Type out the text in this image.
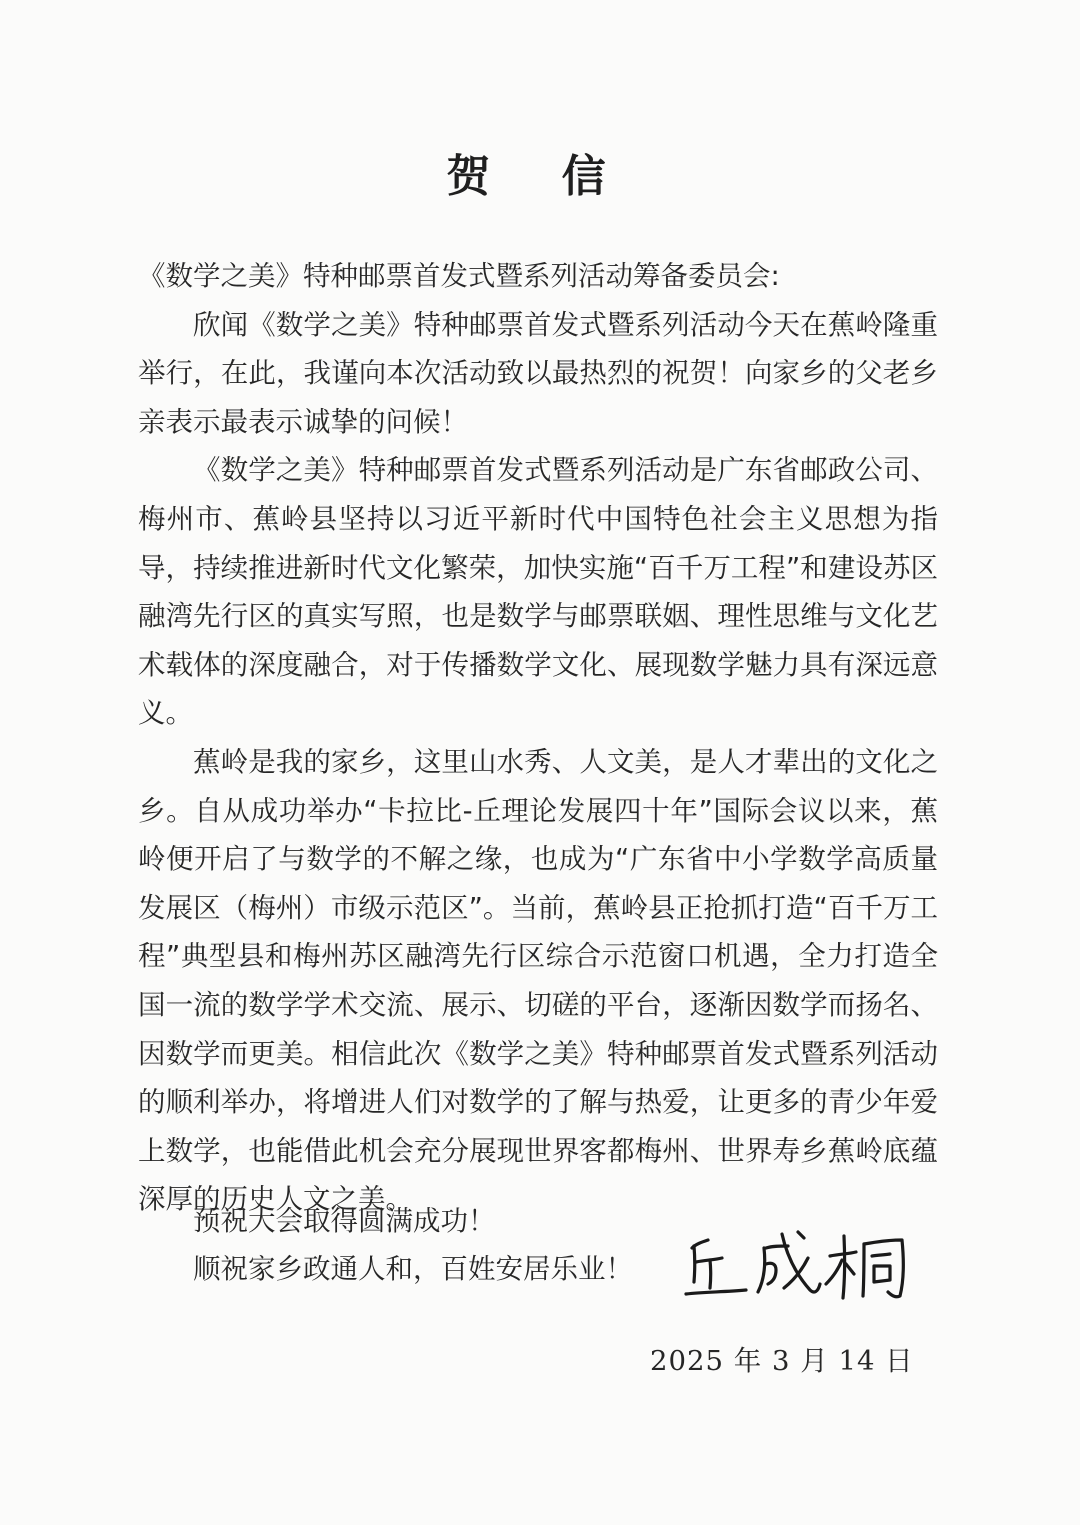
贺 信

《数学之美》特种邮票首发式暨系列活动筹备委员会:

欣闻《数学之美》特种邮票首发式暨系列活动今天在蕉岭隆重举行，在此，我谨向本次活动致以最热烈的祝贺！向家乡的父老乡亲表示最表示诚挚的问候！

《数学之美》特种邮票首发式暨系列活动是广东省邮政公司、梅州市、蕉岭县坚持以习近平新时代中国特色社会主义思想为指导，持续推进新时代文化繁荣，加快实施“百千万工程”和建设苏区融湾先行区的真实写照，也是数学与邮票联姻、理性思维与文化艺术载体的深度融合，对于传播数学文化、展现数学魅力具有深远意义。

蕉岭是我的家乡，这里山水秀、人文美，是人才辈出的文化之乡。自从成功举办“卡拉比-丘理论发展四十年”国际会议以来，蕉岭便开启了与数学的不解之缘，也成为“广东省中小学数学高质量发展区（梅州）市级示范区”。当前，蕉岭县正抢抓打造“百千万工程”典型县和梅州苏区融湾先行区综合示范窗口机遇，全力打造全国一流的数学学术交流、展示、切磋的平台，逐渐因数学而扬名、因数学而更美。相信此次《数学之美》特种邮票首发式暨系列活动的顺利举办，将增进人们对数学的了解与热爱，让更多的青少年爱上数学，也能借此机会充分展现世界客都梅州、世界寿乡蕉岭底蕴深厚的历史人文之美。

预祝大会取得圆满成功！
顺祝家乡政通人和，百姓安居乐业！
2025 年 3 月 14 日
